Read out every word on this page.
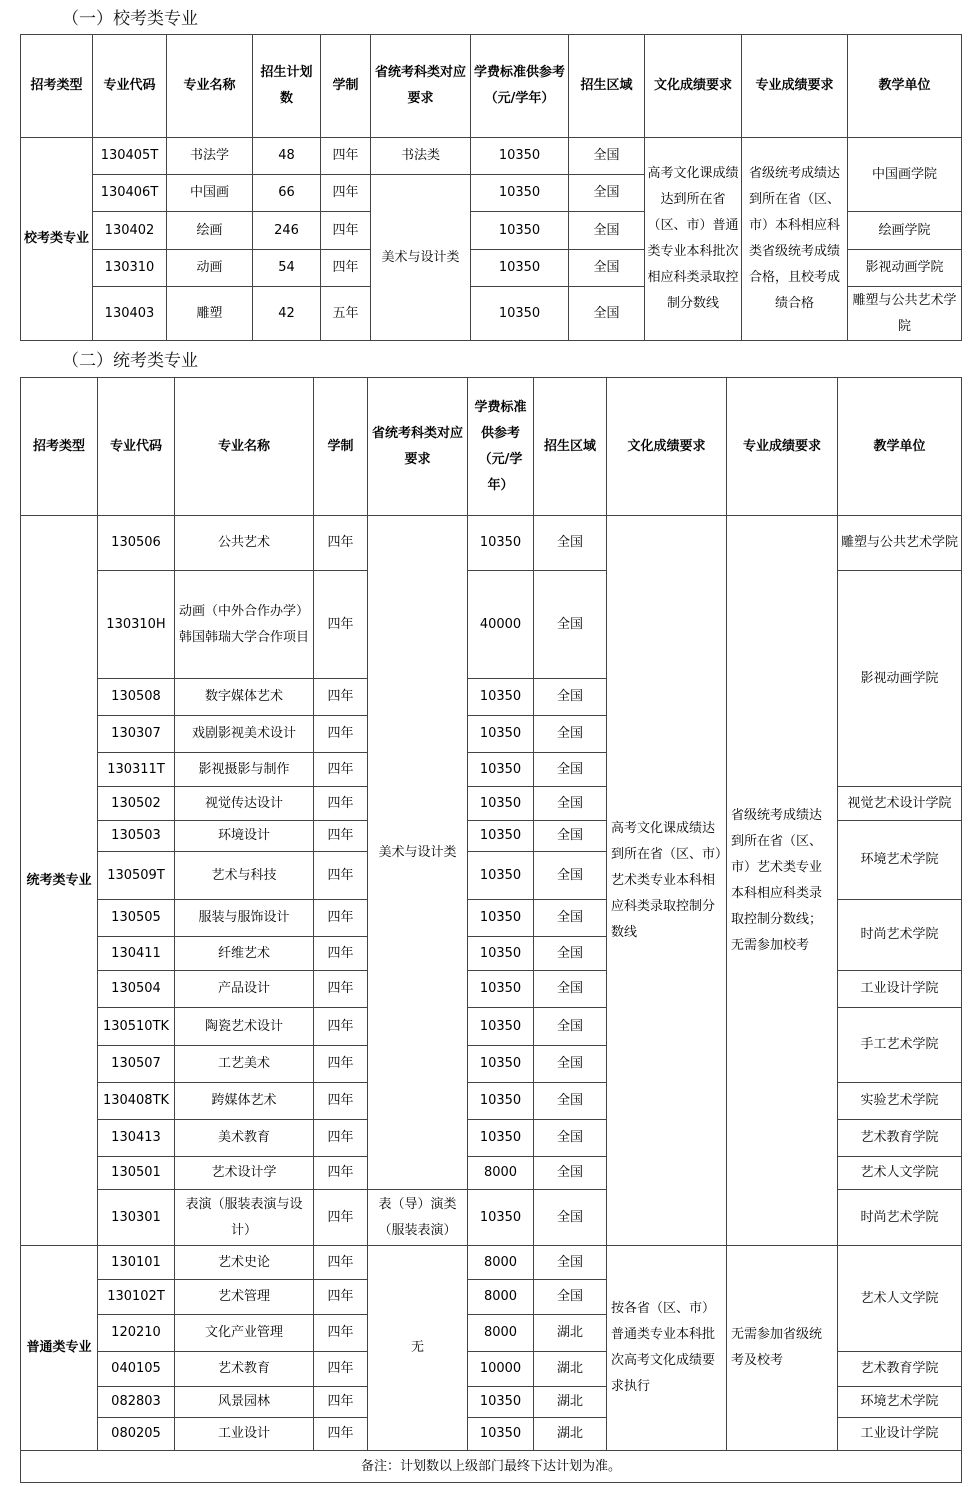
（一）校考类专业
招考类型	专业代码	专业名称	招生计划数	学制	省统考科类对应要求	学费标准供参考（元/学年）	招生区域	文化成绩要求	专业成绩要求	教学单位
校考类专业	130405T	书法学	48	四年	书法类	10350	全国	高考文化课成绩达到所在省（区、市）普通类专业本科批次相应科类录取控制分数线	省级统考成绩达到所在省（区、市）本科相应科类省级统考成绩合格，且校考成绩合格	中国画学院
	130406T	中国画	66	四年	美术与设计类	10350	全国			
	130402	绘画	246	四年		10350	全国			绘画学院
	130310	动画	54	四年		10350	全国			影视动画学院
	130403	雕塑	42	五年		10350	全国			雕塑与公共艺术学院
（二）统考类专业
招考类型	专业代码	专业名称	学制	省统考科类对应要求	学费标准供参考（元/学年）	招生区域	文化成绩要求	专业成绩要求	教学单位
统考类专业	130506	公共艺术	四年	美术与设计类	10350	全国	高考文化课成绩达到所在省（区、市）艺术类专业本科相应科类录取控制分数线	省级统考成绩达到所在省（区、市）艺术类专业本科相应科类录取控制分数线；无需参加校考	雕塑与公共艺术学院
	130310H	动画（中外合作办学）韩国韩瑞大学合作项目	四年		40000	全国			影视动画学院
	130508	数字媒体艺术	四年		10350	全国			
	130307	戏剧影视美术设计	四年		10350	全国			
	130311T	影视摄影与制作	四年		10350	全国			
	130502	视觉传达设计	四年		10350	全国			视觉艺术设计学院
	130503	环境设计	四年		10350	全国			环境艺术学院
	130509T	艺术与科技	四年		10350	全国			
	130505	服装与服饰设计	四年		10350	全国			时尚艺术学院
	130411	纤维艺术	四年		10350	全国			
	130504	产品设计	四年		10350	全国			工业设计学院
	130510TK	陶瓷艺术设计	四年		10350	全国			手工艺术学院
	130507	工艺美术	四年		10350	全国			
	130408TK	跨媒体艺术	四年		10350	全国			实验艺术学院
	130413	美术教育	四年		10350	全国			艺术教育学院
	130501	艺术设计学	四年		8000	全国			艺术人文学院
	130301	表演（服装表演与设计）	四年	表（导）演类（服装表演）	10350	全国			时尚艺术学院
普通类专业	130101	艺术史论	四年	无	8000	全国	按各省（区、市）普通类专业本科批次高考文化成绩要求执行	无需参加省级统考及校考	艺术人文学院
	130102T	艺术管理	四年		8000	全国			
	120210	文化产业管理	四年		8000	湖北			
	040105	艺术教育	四年		10000	湖北			艺术教育学院
	082803	风景园林	四年		10350	湖北			环境艺术学院
	080205	工业设计	四年		10350	湖北			工业设计学院
备注：计划数以上级部门最终下达计划为准。									
